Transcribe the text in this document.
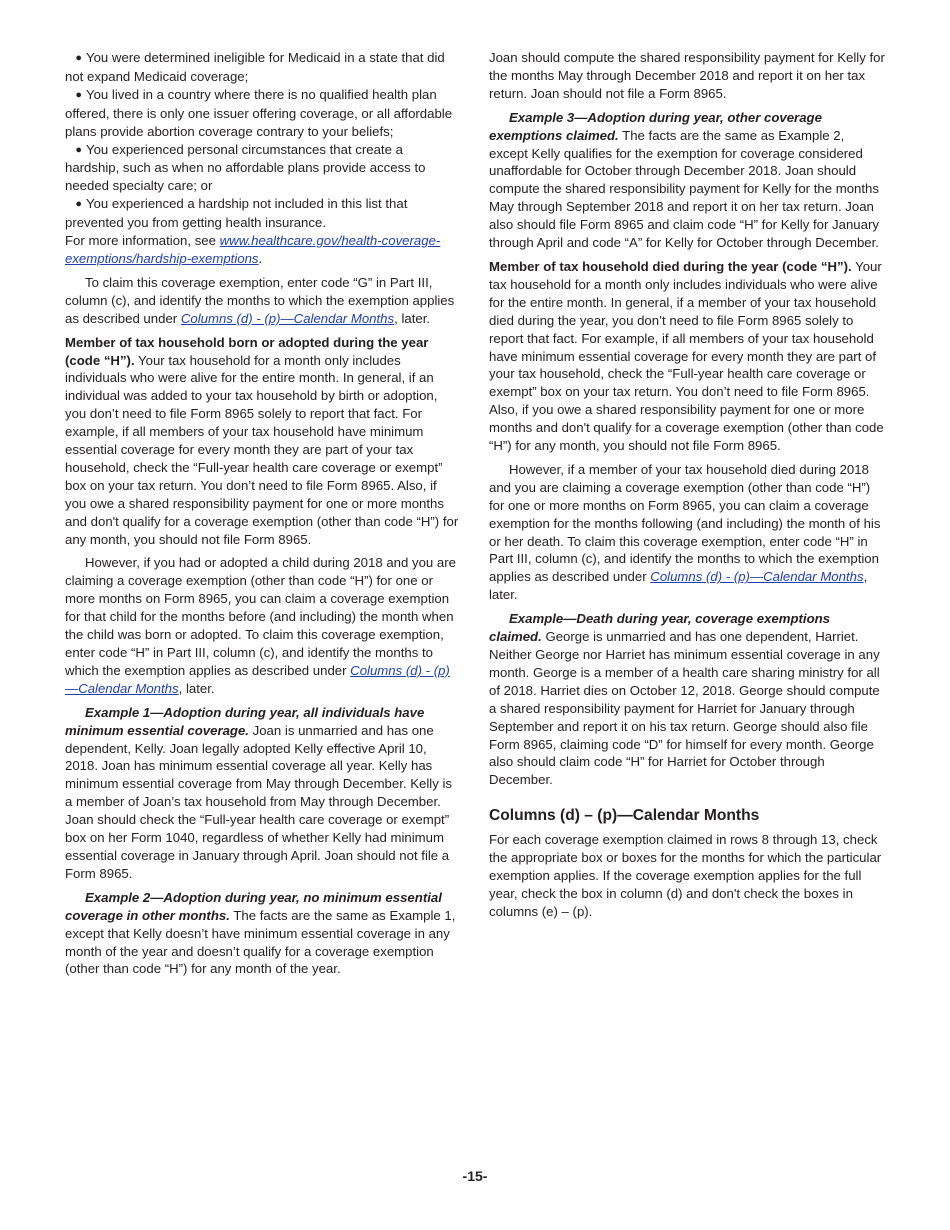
● You were determined ineligible for Medicaid in a state that did not expand Medicaid coverage;
● You lived in a country where there is no qualified health plan offered, there is only one issuer offering coverage, or all affordable plans provide abortion coverage contrary to your beliefs;
● You experienced personal circumstances that create a hardship, such as when no affordable plans provide access to needed specialty care; or
● You experienced a hardship not included in this list that prevented you from getting health insurance.

For more information, see www.healthcare.gov/health-coverage-exemptions/hardship-exemptions.

To claim this coverage exemption, enter code “G” in Part III, column (c), and identify the months to which the exemption applies as described under Columns (d) - (p)—Calendar Months, later.

Member of tax household born or adopted during the year (code “H”). Your tax household for a month only includes individuals who were alive for the entire month. In general, if an individual was added to your tax household by birth or adoption, you don’t need to file Form 8965 solely to report that fact. For example, if all members of your tax household have minimum essential coverage for every month they are part of your tax household, check the “Full-year health care coverage or exempt” box on your tax return. You don’t need to file Form 8965. Also, if you owe a shared responsibility payment for one or more months and don't qualify for a coverage exemption (other than code “H”) for any month, you should not file Form 8965.

However, if you had or adopted a child during 2018 and you are claiming a coverage exemption (other than code “H”) for one or more months on Form 8965, you can claim a coverage exemption for that child for the months before (and including) the month when the child was born or adopted. To claim this coverage exemption, enter code “H” in Part III, column (c), and identify the months to which the exemption applies as described under Columns (d) - (p)—Calendar Months, later.

Example 1—Adoption during year, all individuals have minimum essential coverage. Joan is unmarried and has one dependent, Kelly. Joan legally adopted Kelly effective April 10, 2018. Joan has minimum essential coverage all year. Kelly has minimum essential coverage from May through December. Kelly is a member of Joan’s tax household from May through December. Joan should check the “Full-year health care coverage or exempt” box on her Form 1040, regardless of whether Kelly had minimum essential coverage in January through April. Joan should not file a Form 8965.

Example 2—Adoption during year, no minimum essential coverage in other months. The facts are the same as Example 1, except that Kelly doesn’t have minimum essential coverage in any month of the year and doesn’t qualify for a coverage exemption (other than code “H”) for any month of the year.

Joan should compute the shared responsibility payment for Kelly for the months May through December 2018 and report it on her tax return. Joan should not file a Form 8965.

Example 3—Adoption during year, other coverage exemptions claimed. The facts are the same as Example 2, except Kelly qualifies for the exemption for coverage considered unaffordable for October through December 2018. Joan should compute the shared responsibility payment for Kelly for the months May through September 2018 and report it on her tax return. Joan also should file Form 8965 and claim code “H” for Kelly for January through April and code “A” for Kelly for October through December.

Member of tax household died during the year (code “H”). Your tax household for a month only includes individuals who were alive for the entire month. In general, if a member of your tax household died during the year, you don’t need to file Form 8965 solely to report that fact. For example, if all members of your tax household have minimum essential coverage for every month they are part of your tax household, check the “Full-year health care coverage or exempt” box on your tax return. You don’t need to file Form 8965. Also, if you owe a shared responsibility payment for one or more months and don't qualify for a coverage exemption (other than code “H”) for any month, you should not file Form 8965.

However, if a member of your tax household died during 2018 and you are claiming a coverage exemption (other than code “H”) for one or more months on Form 8965, you can claim a coverage exemption for the months following (and including) the month of his or her death. To claim this coverage exemption, enter code “H” in Part III, column (c), and identify the months to which the exemption applies as described under Columns (d) - (p)—Calendar Months, later.

Example—Death during year, coverage exemptions claimed. George is unmarried and has one dependent, Harriet. Neither George nor Harriet has minimum essential coverage in any month. George is a member of a health care sharing ministry for all of 2018. Harriet dies on October 12, 2018. George should compute a shared responsibility payment for Harriet for January through September and report it on his tax return. George should also file Form 8965, claiming code “D” for himself for every month. George also should claim code “H” for Harriet for October through December.

Columns (d) – (p)—Calendar Months

For each coverage exemption claimed in rows 8 through 13, check the appropriate box or boxes for the months for which the particular exemption applies. If the coverage exemption applies for the full year, check the box in column (d) and don't check the boxes in columns (e) – (p).

-15-
